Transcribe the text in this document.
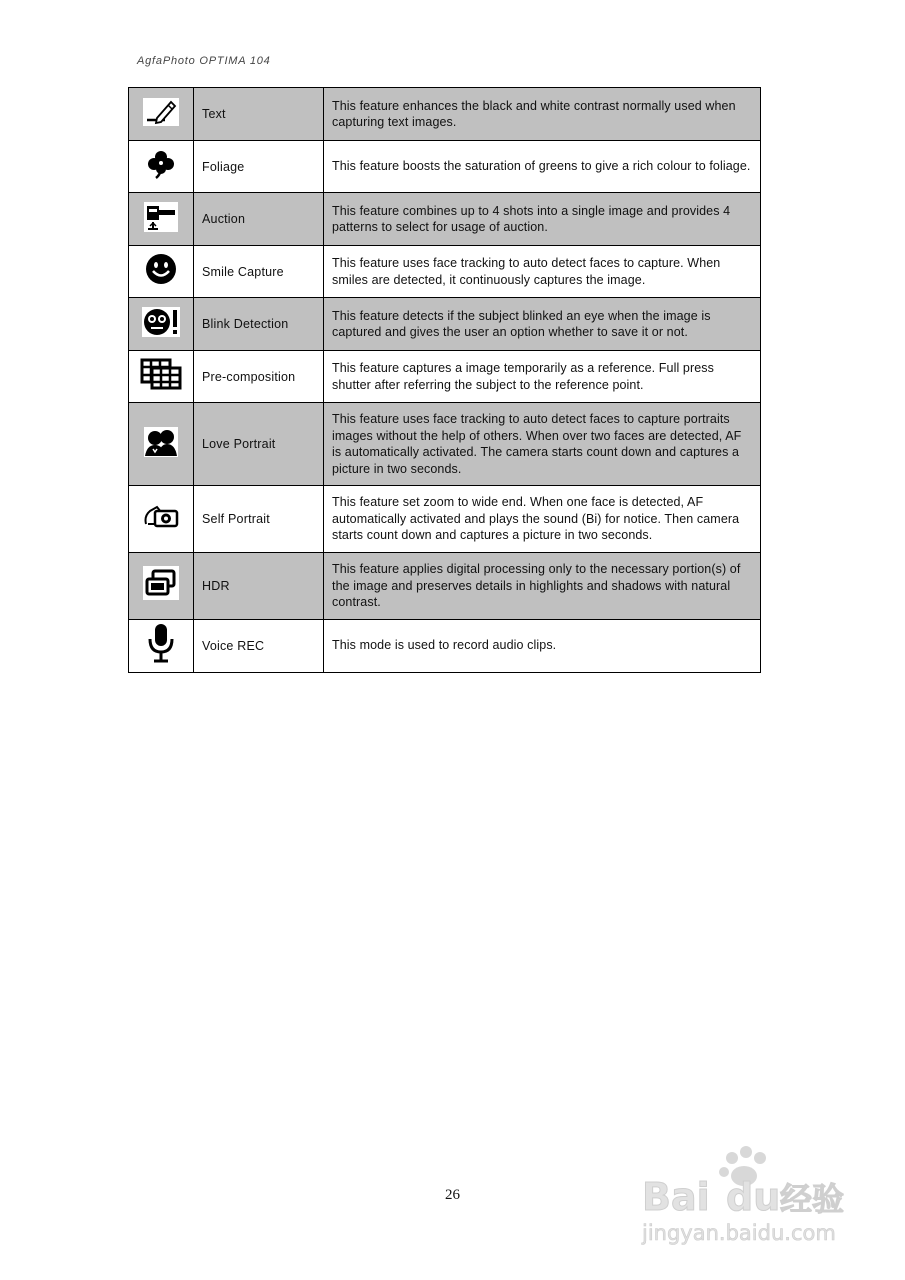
AgfaPhoto OPTIMA 104
	Text	This feature enhances the black and white contrast normally used when capturing text images.
	Foliage	This feature boosts the saturation of greens to give a rich colour to foliage.
	Auction	This feature combines up to 4 shots into a single image and provides 4 patterns to select for usage of auction.
	Smile Capture	This feature uses face tracking to auto detect faces to capture. When smiles are detected, it continuously captures the image.
	Blink Detection	This feature detects if the subject blinked an eye when the image is captured and gives the user an option whether to save it or not.
	Pre-composition	This feature captures a image temporarily as a reference. Full press shutter after referring the subject to the reference point.
	Love Portrait	This feature uses face tracking to auto detect faces to capture portraits images without the help of others. When over two faces are detected, AF is automatically activated. The camera starts count down and captures a picture in two seconds.
	Self Portrait	This feature set zoom to wide end. When one face is detected, AF automatically activated and plays the sound (Bi) for notice. Then camera starts count down and captures a picture in two seconds.
	HDR	This feature applies digital processing only to the necessary portion(s) of the image and preserves details in highlights and shadows with natural contrast.
	Voice REC	This mode is used to record audio clips.
26	Bai du 经验
jingyan.baidu.com
